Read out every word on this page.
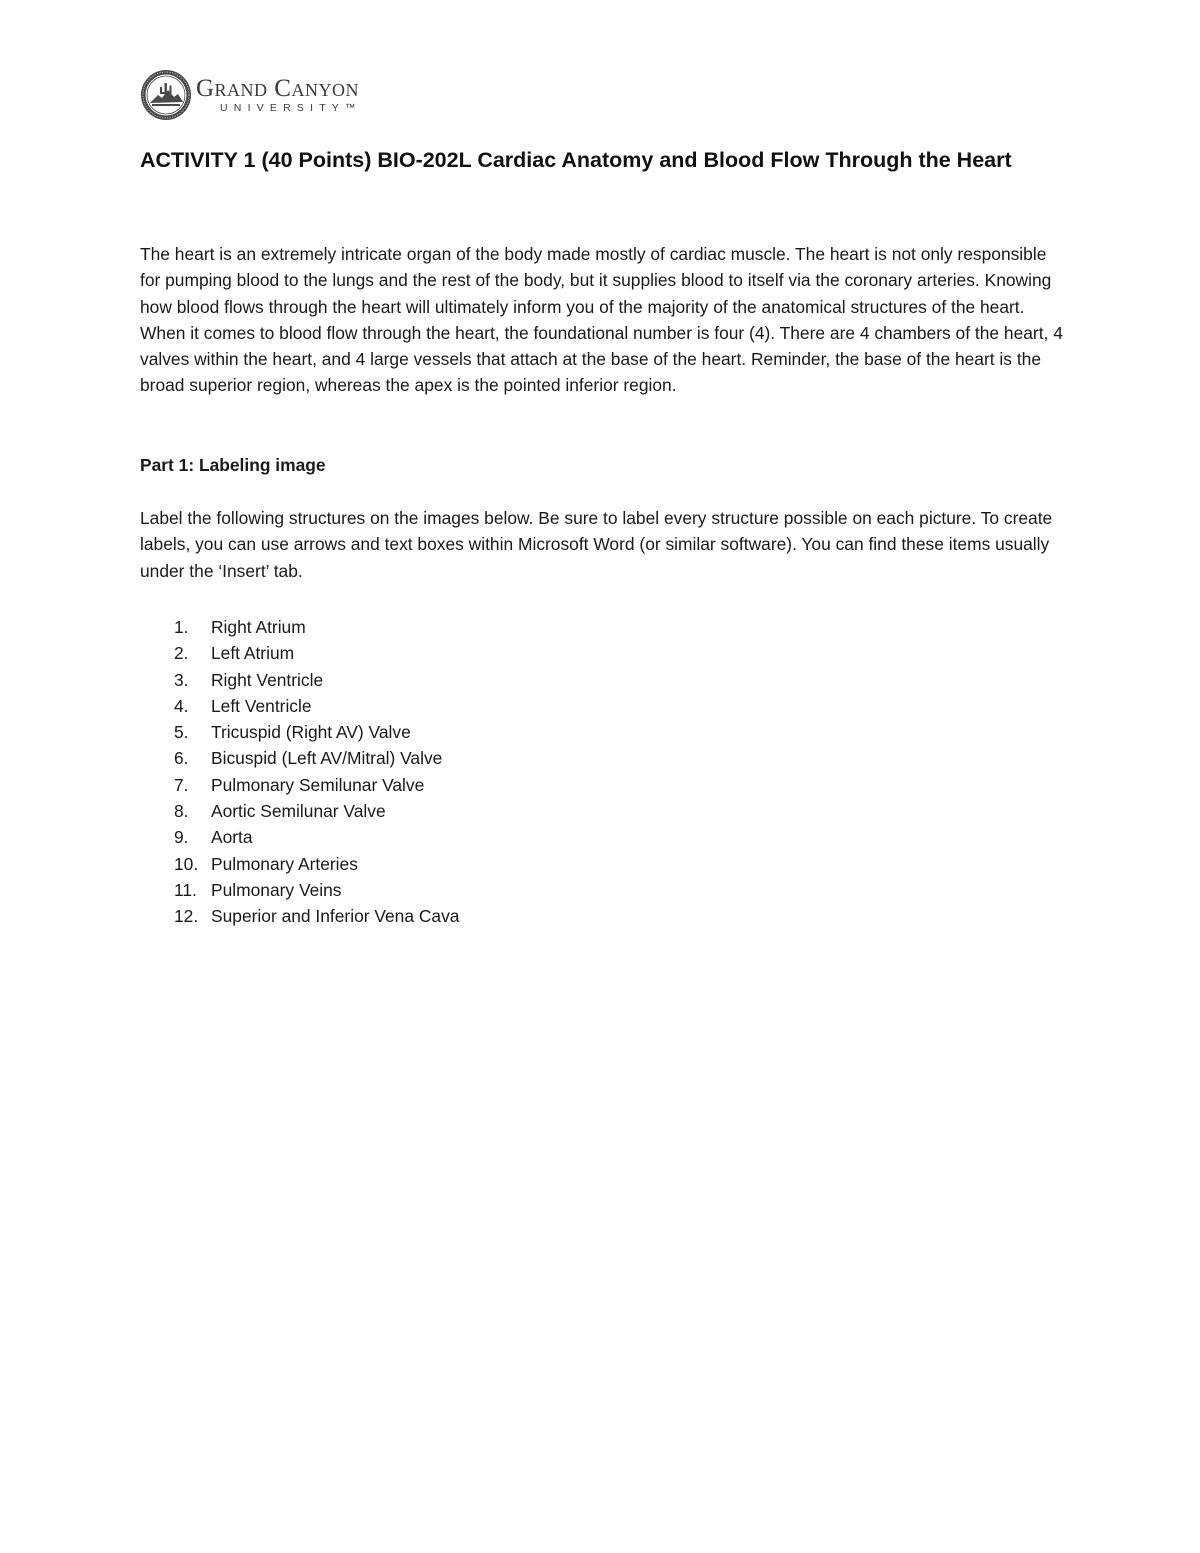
Grand Canyon
UNIVERSITY™
ACTIVITY 1 (40 Points) BIO-202L Cardiac Anatomy and Blood Flow Through the Heart

The heart is an extremely intricate organ of the body made mostly of cardiac muscle. The heart is not only responsible for pumping blood to the lungs and the rest of the body, but it supplies blood to itself via the coronary arteries. Knowing how blood flows through the heart will ultimately inform you of the majority of the anatomical structures of the heart. When it comes to blood flow through the heart, the foundational number is four (4). There are 4 chambers of the heart, 4 valves within the heart, and 4 large vessels that attach at the base of the heart. Reminder, the base of the heart is the broad superior region, whereas the apex is the pointed inferior region.

Part 1: Labeling image

Label the following structures on the images below. Be sure to label every structure possible on each picture. To create labels, you can use arrows and text boxes within Microsoft Word (or similar software). You can find these items usually under the ‘Insert’ tab.

1. Right Atrium
2. Left Atrium
3. Right Ventricle
4. Left Ventricle
5. Tricuspid (Right AV) Valve
6. Bicuspid (Left AV/Mitral) Valve
7. Pulmonary Semilunar Valve
8. Aortic Semilunar Valve
9. Aorta
10. Pulmonary Arteries
11. Pulmonary Veins
12. Superior and Inferior Vena Cava
